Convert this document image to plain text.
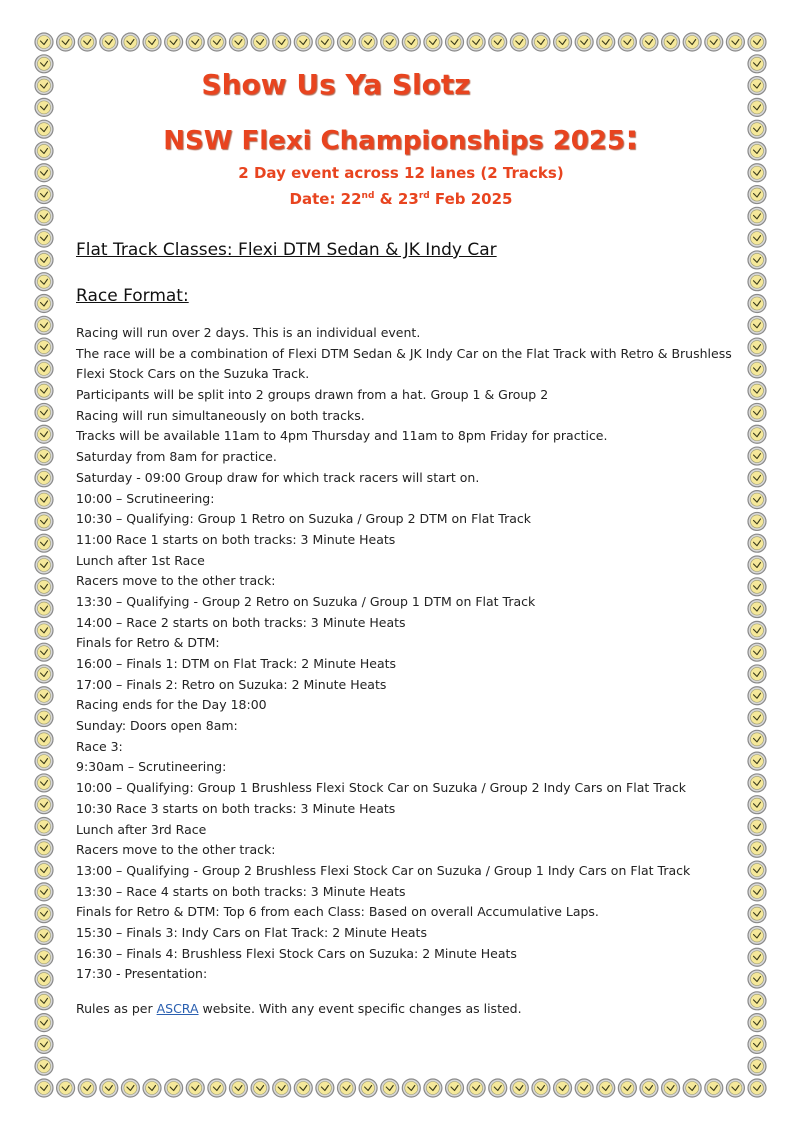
Show Us Ya Slotz
NSW Flexi Championships 2025:

2 Day event across 12 lanes (2 Tracks)

Date: 22nd & 23rd Feb 2025

Flat Track Classes: Flexi DTM Sedan & JK Indy Car

Race Format:

Racing will run over 2 days. This is an individual event.
The race will be a combination of Flexi DTM Sedan & JK Indy Car on the Flat Track with Retro & Brushless
Flexi Stock Cars on the Suzuka Track.
Participants will be split into 2 groups drawn from a hat. Group 1 & Group 2
Racing will run simultaneously on both tracks.
Tracks will be available 11am to 4pm Thursday and 11am to 8pm Friday for practice.
Saturday from 8am for practice.
Saturday - 09:00 Group draw for which track racers will start on.
10:00 – Scrutineering:
10:30 – Qualifying: Group 1 Retro on Suzuka / Group 2 DTM on Flat Track
11:00 Race 1 starts on both tracks: 3 Minute Heats
Lunch after 1st Race
Racers move to the other track:
13:30 – Qualifying - Group 2 Retro on Suzuka / Group 1 DTM on Flat Track
14:00 – Race 2 starts on both tracks: 3 Minute Heats
Finals for Retro & DTM:
16:00 – Finals 1: DTM on Flat Track: 2 Minute Heats
17:00 – Finals 2: Retro on Suzuka: 2 Minute Heats
Racing ends for the Day 18:00
Sunday: Doors open 8am:
Race 3:
9:30am – Scrutineering:
10:00 – Qualifying: Group 1 Brushless Flexi Stock Car on Suzuka / Group 2 Indy Cars on Flat Track
10:30 Race 3 starts on both tracks: 3 Minute Heats
Lunch after 3rd Race
Racers move to the other track:
13:00 – Qualifying - Group 2 Brushless Flexi Stock Car on Suzuka / Group 1 Indy Cars on Flat Track
13:30 – Race 4 starts on both tracks: 3 Minute Heats
Finals for Retro & DTM: Top 6 from each Class: Based on overall Accumulative Laps.
15:30 – Finals 3: Indy Cars on Flat Track: 2 Minute Heats
16:30 – Finals 4: Brushless Flexi Stock Cars on Suzuka: 2 Minute Heats
17:30 - Presentation:

Rules as per ASCRA website. With any event specific changes as listed.
